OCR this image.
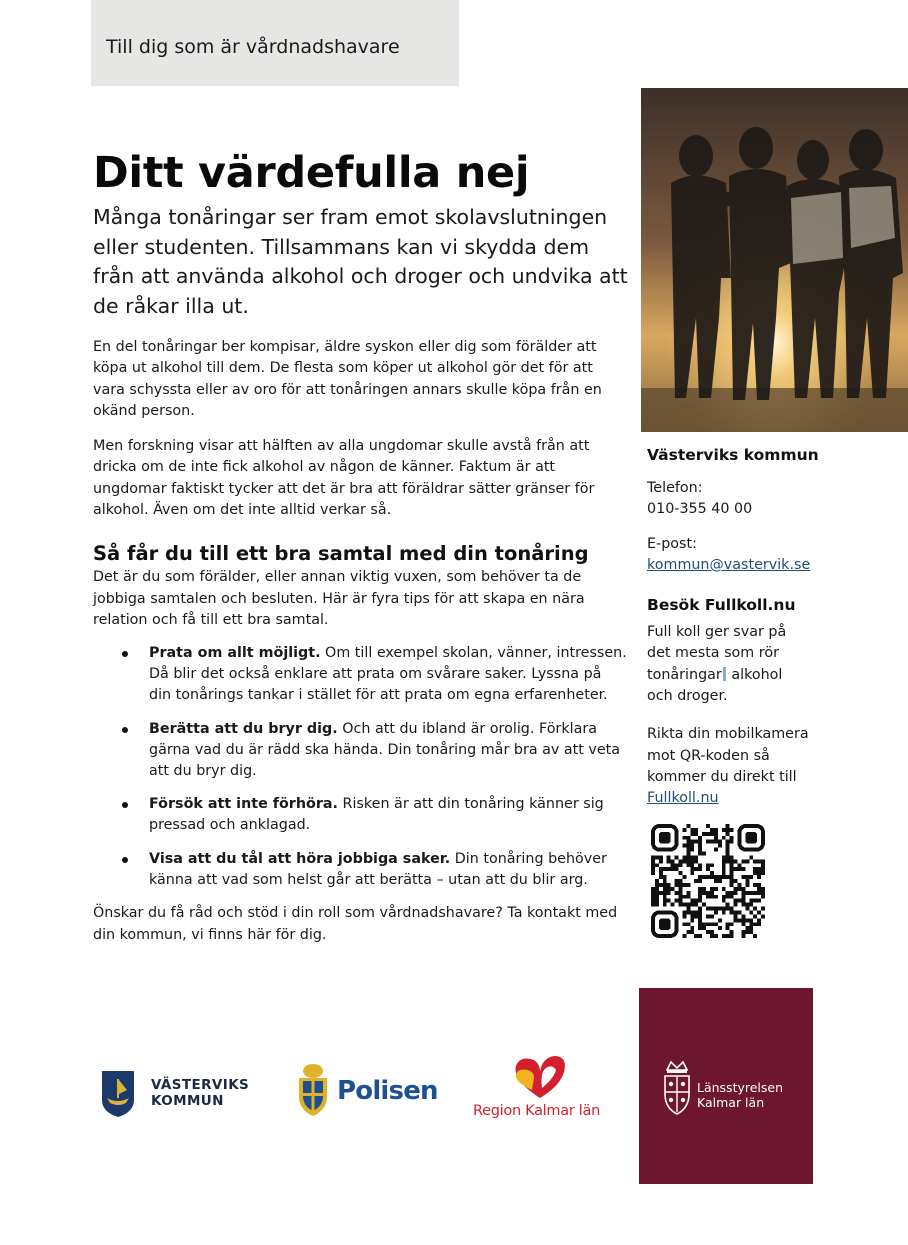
Till dig som är vårdnadshavare
Ditt värdefulla nej

Många tonåringar ser fram emot skolavslutningen eller studenten. Tillsammans kan vi skydda dem från att använda alkohol och droger och undvika att de råkar illa ut.

En del tonåringar ber kompisar, äldre syskon eller dig som förälder att köpa ut alkohol till dem. De flesta som köper ut alkohol gör det för att vara schyssta eller av oro för att tonåringen annars skulle köpa från en okänd person.

Men forskning visar att hälften av alla ungdomar skulle avstå från att dricka om de inte fick alkohol av någon de känner. Faktum är att ungdomar faktiskt tycker att det är bra att föräldrar sätter gränser för alkohol. Även om det inte alltid verkar så.

Så får du till ett bra samtal med din tonåring

Det är du som förälder, eller annan viktig vuxen, som behöver ta de jobbiga samtalen och besluten. Här är fyra tips för att skapa en nära relation och få till ett bra samtal.

Prata om allt möjligt. Om till exempel skolan, vänner, intressen. Då blir det också enklare att prata om svårare saker. Lyssna på din tonårings tankar i stället för att prata om egna erfarenheter.
Berätta att du bryr dig. Och att du ibland är orolig. Förklara gärna vad du är rädd ska hända. Din tonåring mår bra av att veta att du bryr dig.
Försök att inte förhöra. Risken är att din tonåring känner sig pressad och anklagad.
Visa att du tål att höra jobbiga saker. Din tonåring behöver känna att vad som helst går att berätta – utan att du blir arg.

Önskar du få råd och stöd i din roll som vårdnadshavare? Ta kontakt med din kommun, vi finns här för dig.

Västerviks kommun
Telefon:
010-355 40 00
E-post:
kommun@vastervik.se
Besök Fullkoll.nu
Full koll ger svar på det mesta som rör tonåringar alkohol och droger.
Rikta din mobilkamera mot QR-koden så kommer du direkt till Fullkoll.nu
VÄSTERVIKS
KOMMUN	Polisen
Region Kalmar län
Länsstyrelsen
Kalmar län
